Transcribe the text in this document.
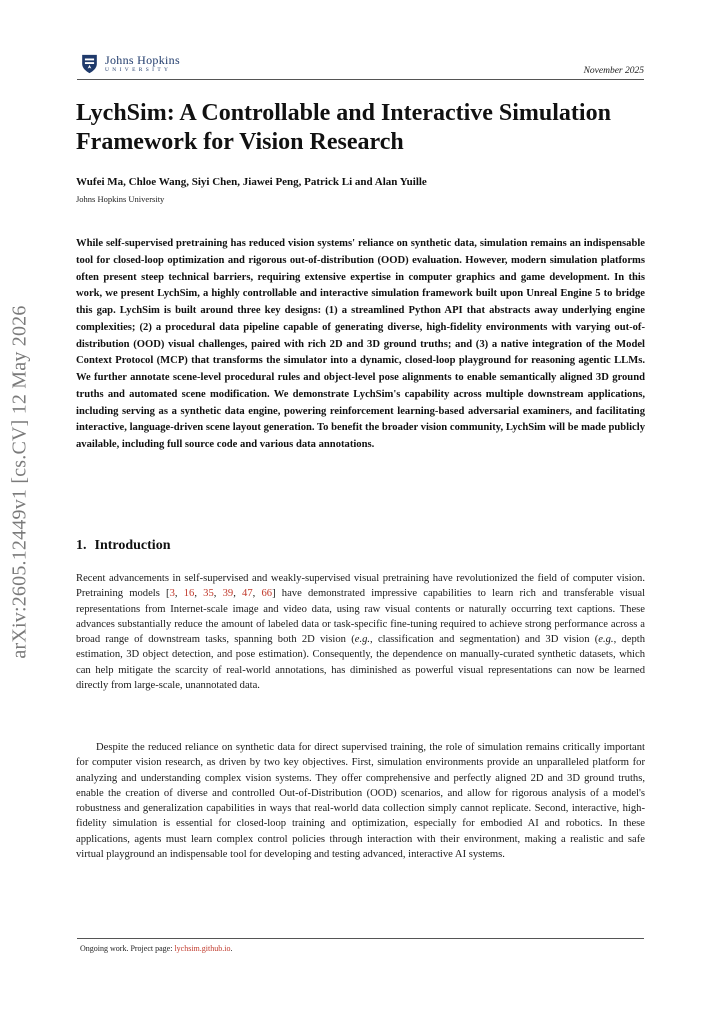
Johns Hopkins
UNIVERSITY	November 2025
arXiv:2605.12449v1 [cs.CV] 12 May 2026
LychSim: A Controllable and Interactive Simulation Framework for Vision Research
Wufei Ma, Chloe Wang, Siyi Chen, Jiawei Peng, Patrick Li and Alan Yuille
Johns Hopkins University

While self-supervised pretraining has reduced vision systems' reliance on synthetic data, simulation remains an indispensable tool for closed-loop optimization and rigorous out-of-distribution (OOD) evaluation. However, modern simulation platforms often present steep technical barriers, requiring extensive expertise in computer graphics and game development. In this work, we present LychSim, a highly controllable and interactive simulation framework built upon Unreal Engine 5 to bridge this gap. LychSim is built around three key designs: (1) a streamlined Python API that abstracts away underlying engine complexities; (2) a procedural data pipeline capable of generating diverse, high-fidelity environments with varying out-of-distribution (OOD) visual challenges, paired with rich 2D and 3D ground truths; and (3) a native integration of the Model Context Protocol (MCP) that transforms the simulator into a dynamic, closed-loop playground for reasoning agentic LLMs. We further annotate scene-level procedural rules and object-level pose alignments to enable semantically aligned 3D ground truths and automated scene modification. We demonstrate LychSim's capability across multiple downstream applications, including serving as a synthetic data engine, powering reinforcement learning-based adversarial examiners, and facilitating interactive, language-driven scene layout generation. To benefit the broader vision community, LychSim will be made publicly available, including full source code and various data annotations.

1. Introduction

Recent advancements in self-supervised and weakly-supervised visual pretraining have revolutionized the field of computer vision. Pretraining models [3, 16, 35, 39, 47, 66] have demonstrated impressive capabilities to learn rich and transferable visual representations from Internet-scale image and video data, using raw visual contents or naturally occurring text captions. These advances substantially reduce the amount of labeled data or task-specific fine-tuning required to achieve strong performance across a broad range of downstream tasks, spanning both 2D vision (e.g., classification and segmentation) and 3D vision (e.g., depth estimation, 3D object detection, and pose estimation). Consequently, the dependence on manually-curated synthetic datasets, which can help mitigate the scarcity of real-world annotations, has diminished as powerful visual representations can now be learned directly from large-scale, unannotated data.

Despite the reduced reliance on synthetic data for direct supervised training, the role of simulation remains critically important for computer vision research, as driven by two key objectives. First, simulation environments provide an unparalleled platform for analyzing and understanding complex vision systems. They offer comprehensive and perfectly aligned 2D and 3D ground truths, enable the creation of diverse and controlled Out-of-Distribution (OOD) scenarios, and allow for rigorous analysis of a model's robustness and generalization capabilities in ways that real-world data collection simply cannot replicate. Second, interactive, high-fidelity simulation is essential for closed-loop training and optimization, especially for embodied AI and robotics. In these applications, agents must learn complex control policies through interaction with their environment, making a realistic and safe virtual playground an indispensable tool for developing and testing advanced, interactive AI systems.

Ongoing work. Project page: lychsim.github.io.
